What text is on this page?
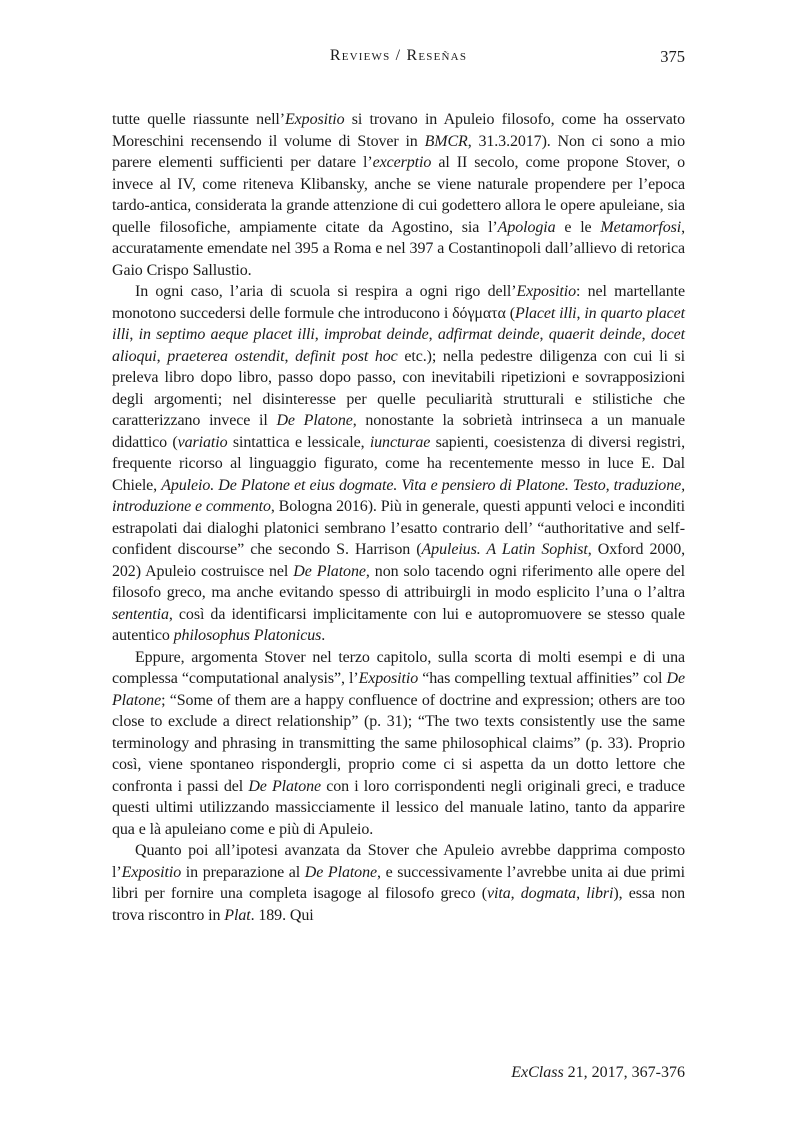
Reviews / Reseñas	375

tutte quelle riassunte nell’Expositio si trovano in Apuleio filosofo, come ha osservato Moreschini recensendo il volume di Stover in BMCR, 31.3.2017). Non ci sono a mio parere elementi sufficienti per datare l’excerptio al II secolo, come propone Stover, o invece al IV, come riteneva Klibansky, anche se viene naturale propendere per l’epoca tardo-antica, considerata la grande attenzione di cui godettero allora le opere apuleiane, sia quelle filosofiche, ampiamente citate da Agostino, sia l’Apologia e le Metamorfosi, accuratamente emendate nel 395 a Roma e nel 397 a Costantinopoli dall’allievo di retorica Gaio Crispo Sallustio.

In ogni caso, l’aria di scuola si respira a ogni rigo dell’Expositio: nel martellante monotono succedersi delle formule che introducono i δόγματα (Placet illi, in quarto placet illi, in septimo aeque placet illi, improbat deinde, adfirmat deinde, quaerit deinde, docet alioqui, praeterea ostendit, definit post hoc etc.); nella pedestre diligenza con cui li si preleva libro dopo libro, passo dopo passo, con inevitabili ripetizioni e sovrapposizioni degli argomenti; nel disinteresse per quelle peculiarità strutturali e stilistiche che caratterizzano invece il De Platone, nonostante la sobrietà intrinseca a un manuale didattico (variatio sintattica e lessicale, iuncturae sapienti, coesistenza di diversi registri, frequente ricorso al linguaggio figurato, come ha recentemente messo in luce E. Dal Chiele, Apuleio. De Platone et eius dogmate. Vita e pensiero di Platone. Testo, traduzione, introduzione e commento, Bologna 2016). Più in generale, questi appunti veloci e inconditi estrapolati dai dialoghi platonici sembrano l’esatto contrario dell’ “authoritative and self-confident discourse” che secondo S. Harrison (Apuleius. A Latin Sophist, Oxford 2000, 202) Apuleio costruisce nel De Platone, non solo tacendo ogni riferimento alle opere del filosofo greco, ma anche evitando spesso di attribuirgli in modo esplicito l’una o l’altra sententia, così da identificarsi implicitamente con lui e autopromuovere se stesso quale autentico philosophus Platonicus.

Eppure, argomenta Stover nel terzo capitolo, sulla scorta di molti esempi e di una complessa “computational analysis”, l’Expositio “has compelling textual affinities” col De Platone; “Some of them are a happy confluence of doctrine and expression; others are too close to exclude a direct relationship” (p. 31); “The two texts consistently use the same terminology and phrasing in transmitting the same philosophical claims” (p. 33). Proprio così, viene spontaneo rispondergli, proprio come ci si aspetta da un dotto lettore che confronta i passi del De Platone con i loro corrispondenti negli originali greci, e traduce questi ultimi utilizzando massicciamente il lessico del manuale latino, tanto da apparire qua e là apuleiano come e più di Apuleio.

Quanto poi all’ipotesi avanzata da Stover che Apuleio avrebbe dapprima composto l’Expositio in preparazione al De Platone, e successivamente l’avrebbe unita ai due primi libri per fornire una completa isagoge al filosofo greco (vita, dogmata, libri), essa non trova riscontro in Plat. 189. Qui

ExClass 21, 2017, 367-376
